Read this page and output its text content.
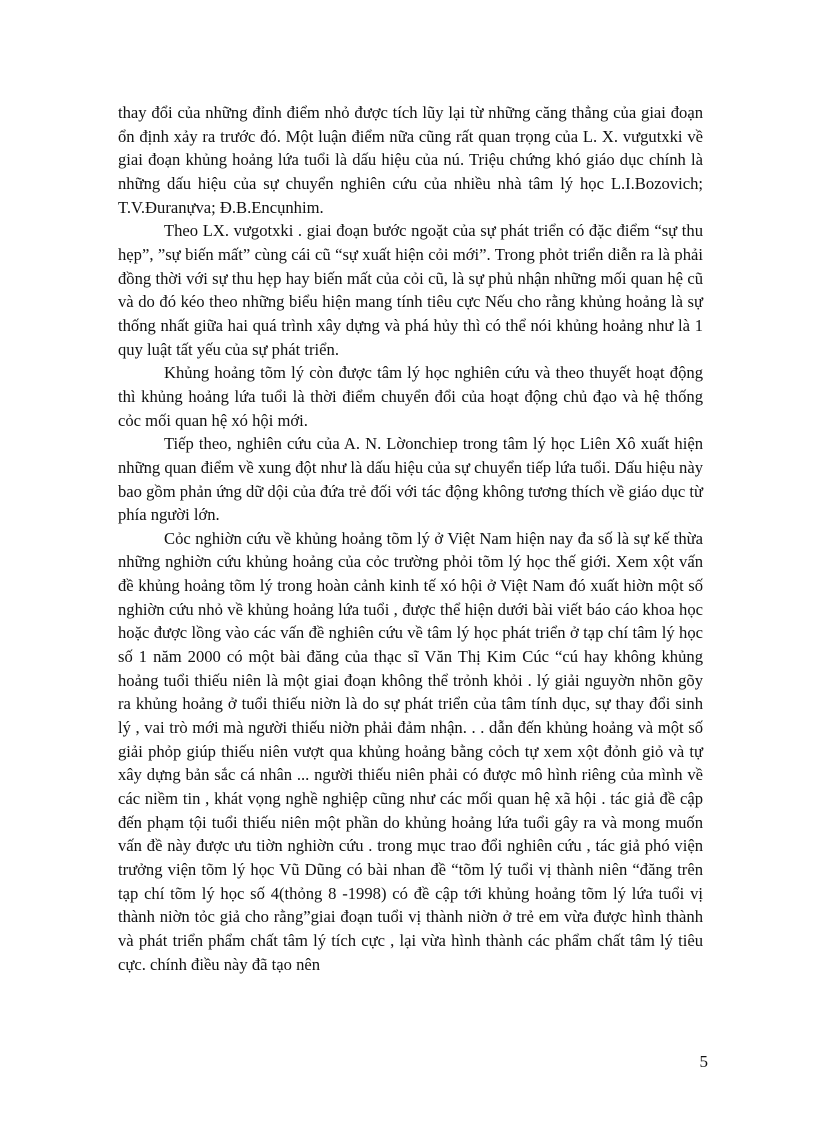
thay đổi của những đỉnh điểm nhỏ được tích lũy lại từ những căng thẳng của giai đoạn ổn định xảy ra trước đó. Một luận điểm nữa cũng rất quan trọng của L. X. vưgutxki về giai đoạn khủng hoảng lứa tuổi là dấu hiệu của nú. Triệu chứng khó giáo dục chính là những dấu hiệu của sự chuyển nghiên cứu của nhiều nhà tâm lý học L.I.Bozovich; T.V.Đuranựva; Đ.B.Encụnhim.

Theo LX. vưgotxki . giai đoạn bước ngoặt của sự phát triển có đặc điểm “sự thu hẹp”, ”sự biến mất” cùng cái cũ “sự xuất hiện cỏi mới”. Trong phỏt triển diễn ra là phải đồng thời với sự thu hẹp hay biến mất của cỏi cũ, là sự phủ nhận những mối quan hệ cũ và do đó kéo theo những biểu hiện mang tính tiêu cực Nếu cho rằng khủng hoảng là sự thống nhất giữa hai quá trình xây dựng và phá hủy thì có thể nói khủng hoảng như là 1 quy luật tất yếu của sự phát triển.

Khủng hoảng tõm lý còn được tâm lý học nghiên cứu và theo thuyết hoạt động thì khủng hoảng lứa tuổi là thời điểm chuyển đổi của hoạt động chủ đạo và hệ thống cỏc mối quan hệ xó hội mới.

Tiếp theo, nghiên cứu của A. N. Lờonchiep trong tâm lý học Liên Xô xuất hiện những quan điểm về xung đột như là dấu hiệu của sự chuyển tiếp lứa tuổi. Dấu hiệu này bao gồm phản ứng dữ dội của đứa trẻ đối với tác động không tương thích về giáo dục từ phía người lớn.

Cỏc nghiờn cứu về khủng hoảng tõm lý ở Việt Nam hiện nay đa số là sự kế thừa những nghiờn cứu khủng hoảng của cỏc trường phỏi tõm lý học thế giới. Xem xột vấn đề khủng hoảng tõm lý trong hoàn cảnh kinh tế xó hội ở Việt Nam đó xuất hiờn một số nghiờn cứu nhỏ về khủng hoảng lứa tuổi , được thể hiện dưới bài viết báo cáo khoa học hoặc được lồng vào các vấn đề nghiên cứu về tâm lý học phát triển ở tạp chí tâm lý học số 1 năm 2000 có một bài đăng của thạc sĩ Văn Thị Kim Cúc “cú hay không khủng hoảng tuổi thiếu niên là một giai đoạn không thể trỏnh khỏi . lý giải nguyờn nhõn gõy ra khủng hoảng ở tuổi thiếu niờn là do sự phát triển của tâm tính dục, sự thay đổi sinh lý , vai trò mới mà người thiếu niờn phải đảm nhận. . . dẫn đến khủng hoảng và một số giải phỏp giúp thiếu niên vượt qua khủng hoảng bằng cỏch tự xem xột đỏnh giỏ và tự xây dựng bản sắc cá nhân ... người thiếu niên phải có được mô hình riêng của mình về các niềm tin , khát vọng nghề nghiệp cũng như các mối quan hệ xã hội . tác giả đề cập đến phạm tội tuổi thiếu niên một phần do khủng hoảng lứa tuổi gây ra và mong muốn vấn đề này được ưu tiờn nghiờn cứu . trong mục trao đổi nghiên cứu , tác giả phó viện trưởng viện tõm lý học Vũ Dũng có bài nhan đề “tõm lý tuổi vị thành niên “đăng trên tạp chí tõm lý học số 4(thỏng 8 -1998) có đề cập tới khủng hoảng tõm lý lứa tuổi vị thành niờn tỏc giả cho rằng”giai đoạn tuổi vị thành niờn ở trẻ em vừa được hình thành và phát triển phẩm chất tâm lý tích cực , lại vừa hình thành các phẩm chất tâm lý tiêu cực. chính điều này đã tạo nên

5
